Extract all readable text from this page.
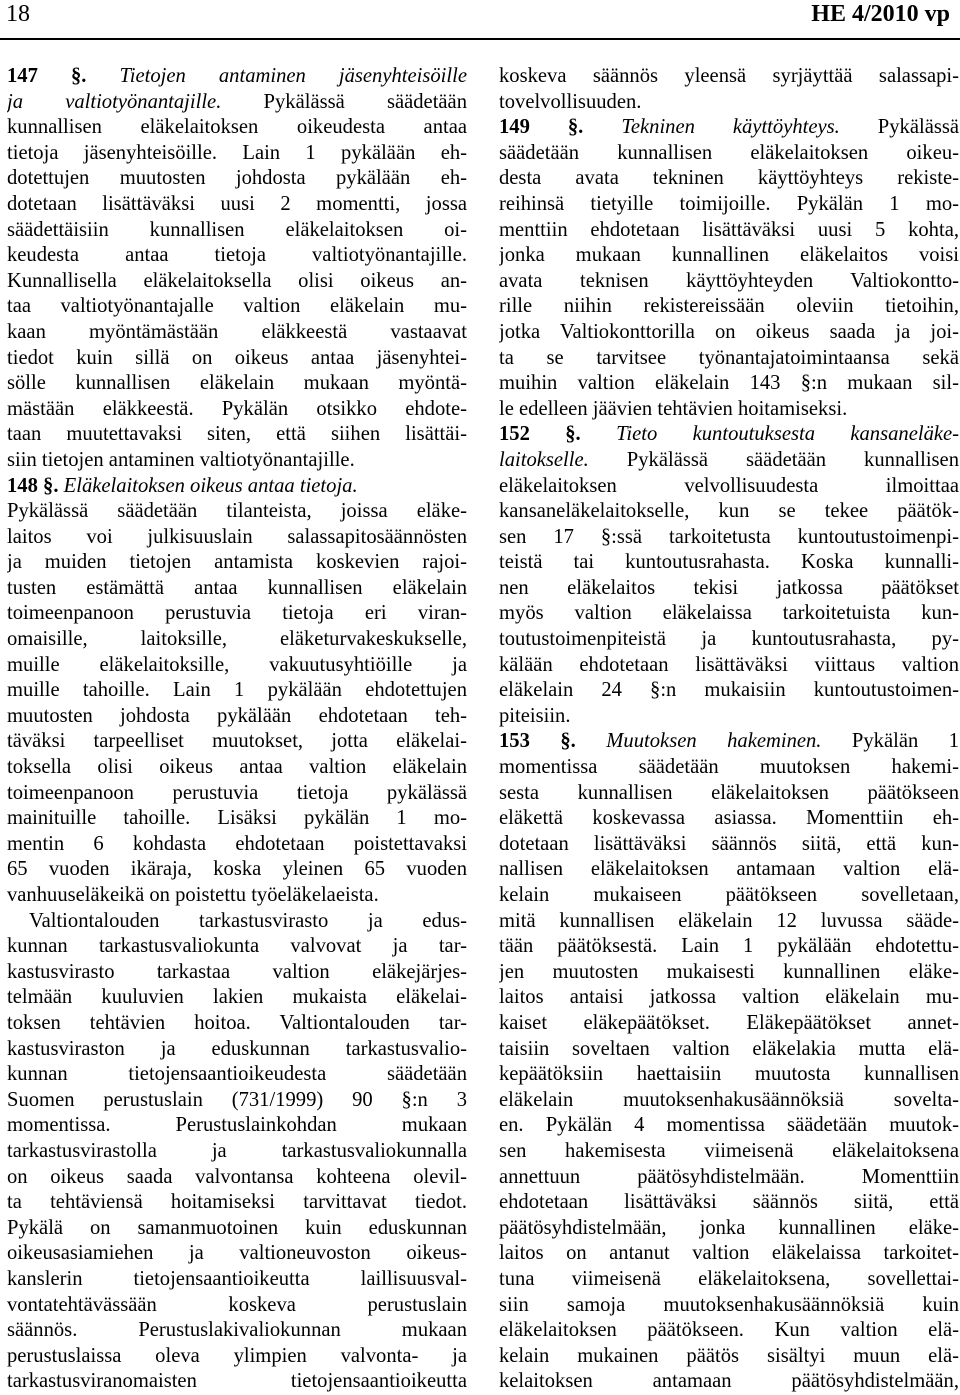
18	HE 4/2010 vp
147 §. Tietojen antaminen jäsenyhteisöille
ja valtiotyönantajille. Pykälässä säädetään
kunnallisen eläkelaitoksen oikeudesta antaa
tietoja jäsenyhteisöille. Lain 1 pykälään eh-
dotettujen muutosten johdosta pykälään eh-
dotetaan lisättäväksi uusi 2 momentti, jossa
säädettäisiin kunnallisen eläkelaitoksen oi-
keudesta antaa tietoja valtiotyönantajille.
Kunnallisella eläkelaitoksella olisi oikeus an-
taa valtiotyönantajalle valtion eläkelain mu-
kaan myöntämästään eläkkeestä vastaavat
tiedot kuin sillä on oikeus antaa jäsenyhtei-
sölle kunnallisen eläkelain mukaan myöntä-
mästään eläkkeestä. Pykälän otsikko ehdote-
taan muutettavaksi siten, että siihen lisättäi-
siin tietojen antaminen valtiotyönantajille.
148 §. Eläkelaitoksen oikeus antaa tietoja.
Pykälässä säädetään tilanteista, joissa eläke-
laitos voi julkisuuslain salassapitosäännösten
ja muiden tietojen antamista koskevien rajoi-
tusten estämättä antaa kunnallisen eläkelain
toimeenpanoon perustuvia tietoja eri viran-
omaisille, laitoksille, eläketurvakeskukselle,
muille eläkelaitoksille, vakuutusyhtiöille ja
muille tahoille. Lain 1 pykälään ehdotettujen
muutosten johdosta pykälään ehdotetaan teh-
täväksi tarpeelliset muutokset, jotta eläkelai-
toksella olisi oikeus antaa valtion eläkelain
toimeenpanoon perustuvia tietoja pykälässä
mainituille tahoille. Lisäksi pykälän 1 mo-
mentin 6 kohdasta ehdotetaan poistettavaksi
65 vuoden ikäraja, koska yleinen 65 vuoden
vanhuuseläkeikä on poistettu työeläkelaeista.
Valtiontalouden tarkastusvirasto ja edus-
kunnan tarkastusvaliokunta valvovat ja tar-
kastusvirasto tarkastaa valtion eläkejärjes-
telmään kuuluvien lakien mukaista eläkelai-
toksen tehtävien hoitoa. Valtiontalouden tar-
kastusviraston ja eduskunnan tarkastusvalio-
kunnan tietojensaantioikeudesta säädetään
Suomen perustuslain (731/1999) 90 §:n 3
momentissa. Perustuslainkohdan mukaan
tarkastusvirastolla ja tarkastusvaliokunnalla
on oikeus saada valvontansa kohteena olevil-
ta tehtäviensä hoitamiseksi tarvittavat tiedot.
Pykälä on samanmuotoinen kuin eduskunnan
oikeusasiamiehen ja valtioneuvoston oikeus-
kanslerin tietojensaantioikeutta laillisuusval-
vontatehtävässään koskeva perustuslain
säännös. Perustuslakivaliokunnan mukaan
perustuslaissa oleva ylimpien valvonta- ja
tarkastusviranomaisten tietojensaantioikeutta
koskeva säännös yleensä syrjäyttää salassapi-
tovelvollisuuden.
149 §. Tekninen käyttöyhteys. Pykälässä
säädetään kunnallisen eläkelaitoksen oikeu-
desta avata tekninen käyttöyhteys rekiste-
reihinsä tietyille toimijoille. Pykälän 1 mo-
menttiin ehdotetaan lisättäväksi uusi 5 kohta,
jonka mukaan kunnallinen eläkelaitos voisi
avata teknisen käyttöyhteyden Valtiokontto-
rille niihin rekistereissään oleviin tietoihin,
jotka Valtiokonttorilla on oikeus saada ja joi-
ta se tarvitsee työnantajatoimintaansa sekä
muihin valtion eläkelain 143 §:n mukaan sil-
le edelleen jäävien tehtävien hoitamiseksi.
152 §. Tieto kuntoutuksesta kansaneläke-
laitokselle. Pykälässä säädetään kunnallisen
eläkelaitoksen velvollisuudesta ilmoittaa
kansaneläkelaitokselle, kun se tekee päätök-
sen 17 §:ssä tarkoitetusta kuntoutustoimenpi-
teistä tai kuntoutusrahasta. Koska kunnalli-
nen eläkelaitos tekisi jatkossa päätökset
myös valtion eläkelaissa tarkoitetuista kun-
toutustoimenpiteistä ja kuntoutusrahasta, py-
kälään ehdotetaan lisättäväksi viittaus valtion
eläkelain 24 §:n mukaisiin kuntoutustoimen-
piteisiin.
153 §. Muutoksen hakeminen. Pykälän 1
momentissa säädetään muutoksen hakemi-
sesta kunnallisen eläkelaitoksen päätökseen
eläkettä koskevassa asiassa. Momenttiin eh-
dotetaan lisättäväksi säännös siitä, että kun-
nallisen eläkelaitoksen antamaan valtion elä-
kelain mukaiseen päätökseen sovelletaan,
mitä kunnallisen eläkelain 12 luvussa sääde-
tään päätöksestä. Lain 1 pykälään ehdotettu-
jen muutosten mukaisesti kunnallinen eläke-
laitos antaisi jatkossa valtion eläkelain mu-
kaiset eläkepäätökset. Eläkepäätökset annet-
taisiin soveltaen valtion eläkelakia mutta elä-
kepäätöksiin haettaisiin muutosta kunnallisen
eläkelain muutoksenhakusäännöksiä sovelta-
en. Pykälän 4 momentissa säädetään muutok-
sen hakemisesta viimeisenä eläkelaitoksena
annettuun päätösyhdistelmään. Momenttiin
ehdotetaan lisättäväksi säännös siitä, että
päätösyhdistelmään, jonka kunnallinen eläke-
laitos on antanut valtion eläkelaissa tarkoitet-
tuna viimeisenä eläkelaitoksena, sovellettai-
siin samoja muutoksenhakusäännöksiä kuin
eläkelaitoksen päätökseen. Kun valtion elä-
kelain mukainen päätös sisältyi muun elä-
kelaitoksen antamaan päätösyhdistelmään,
